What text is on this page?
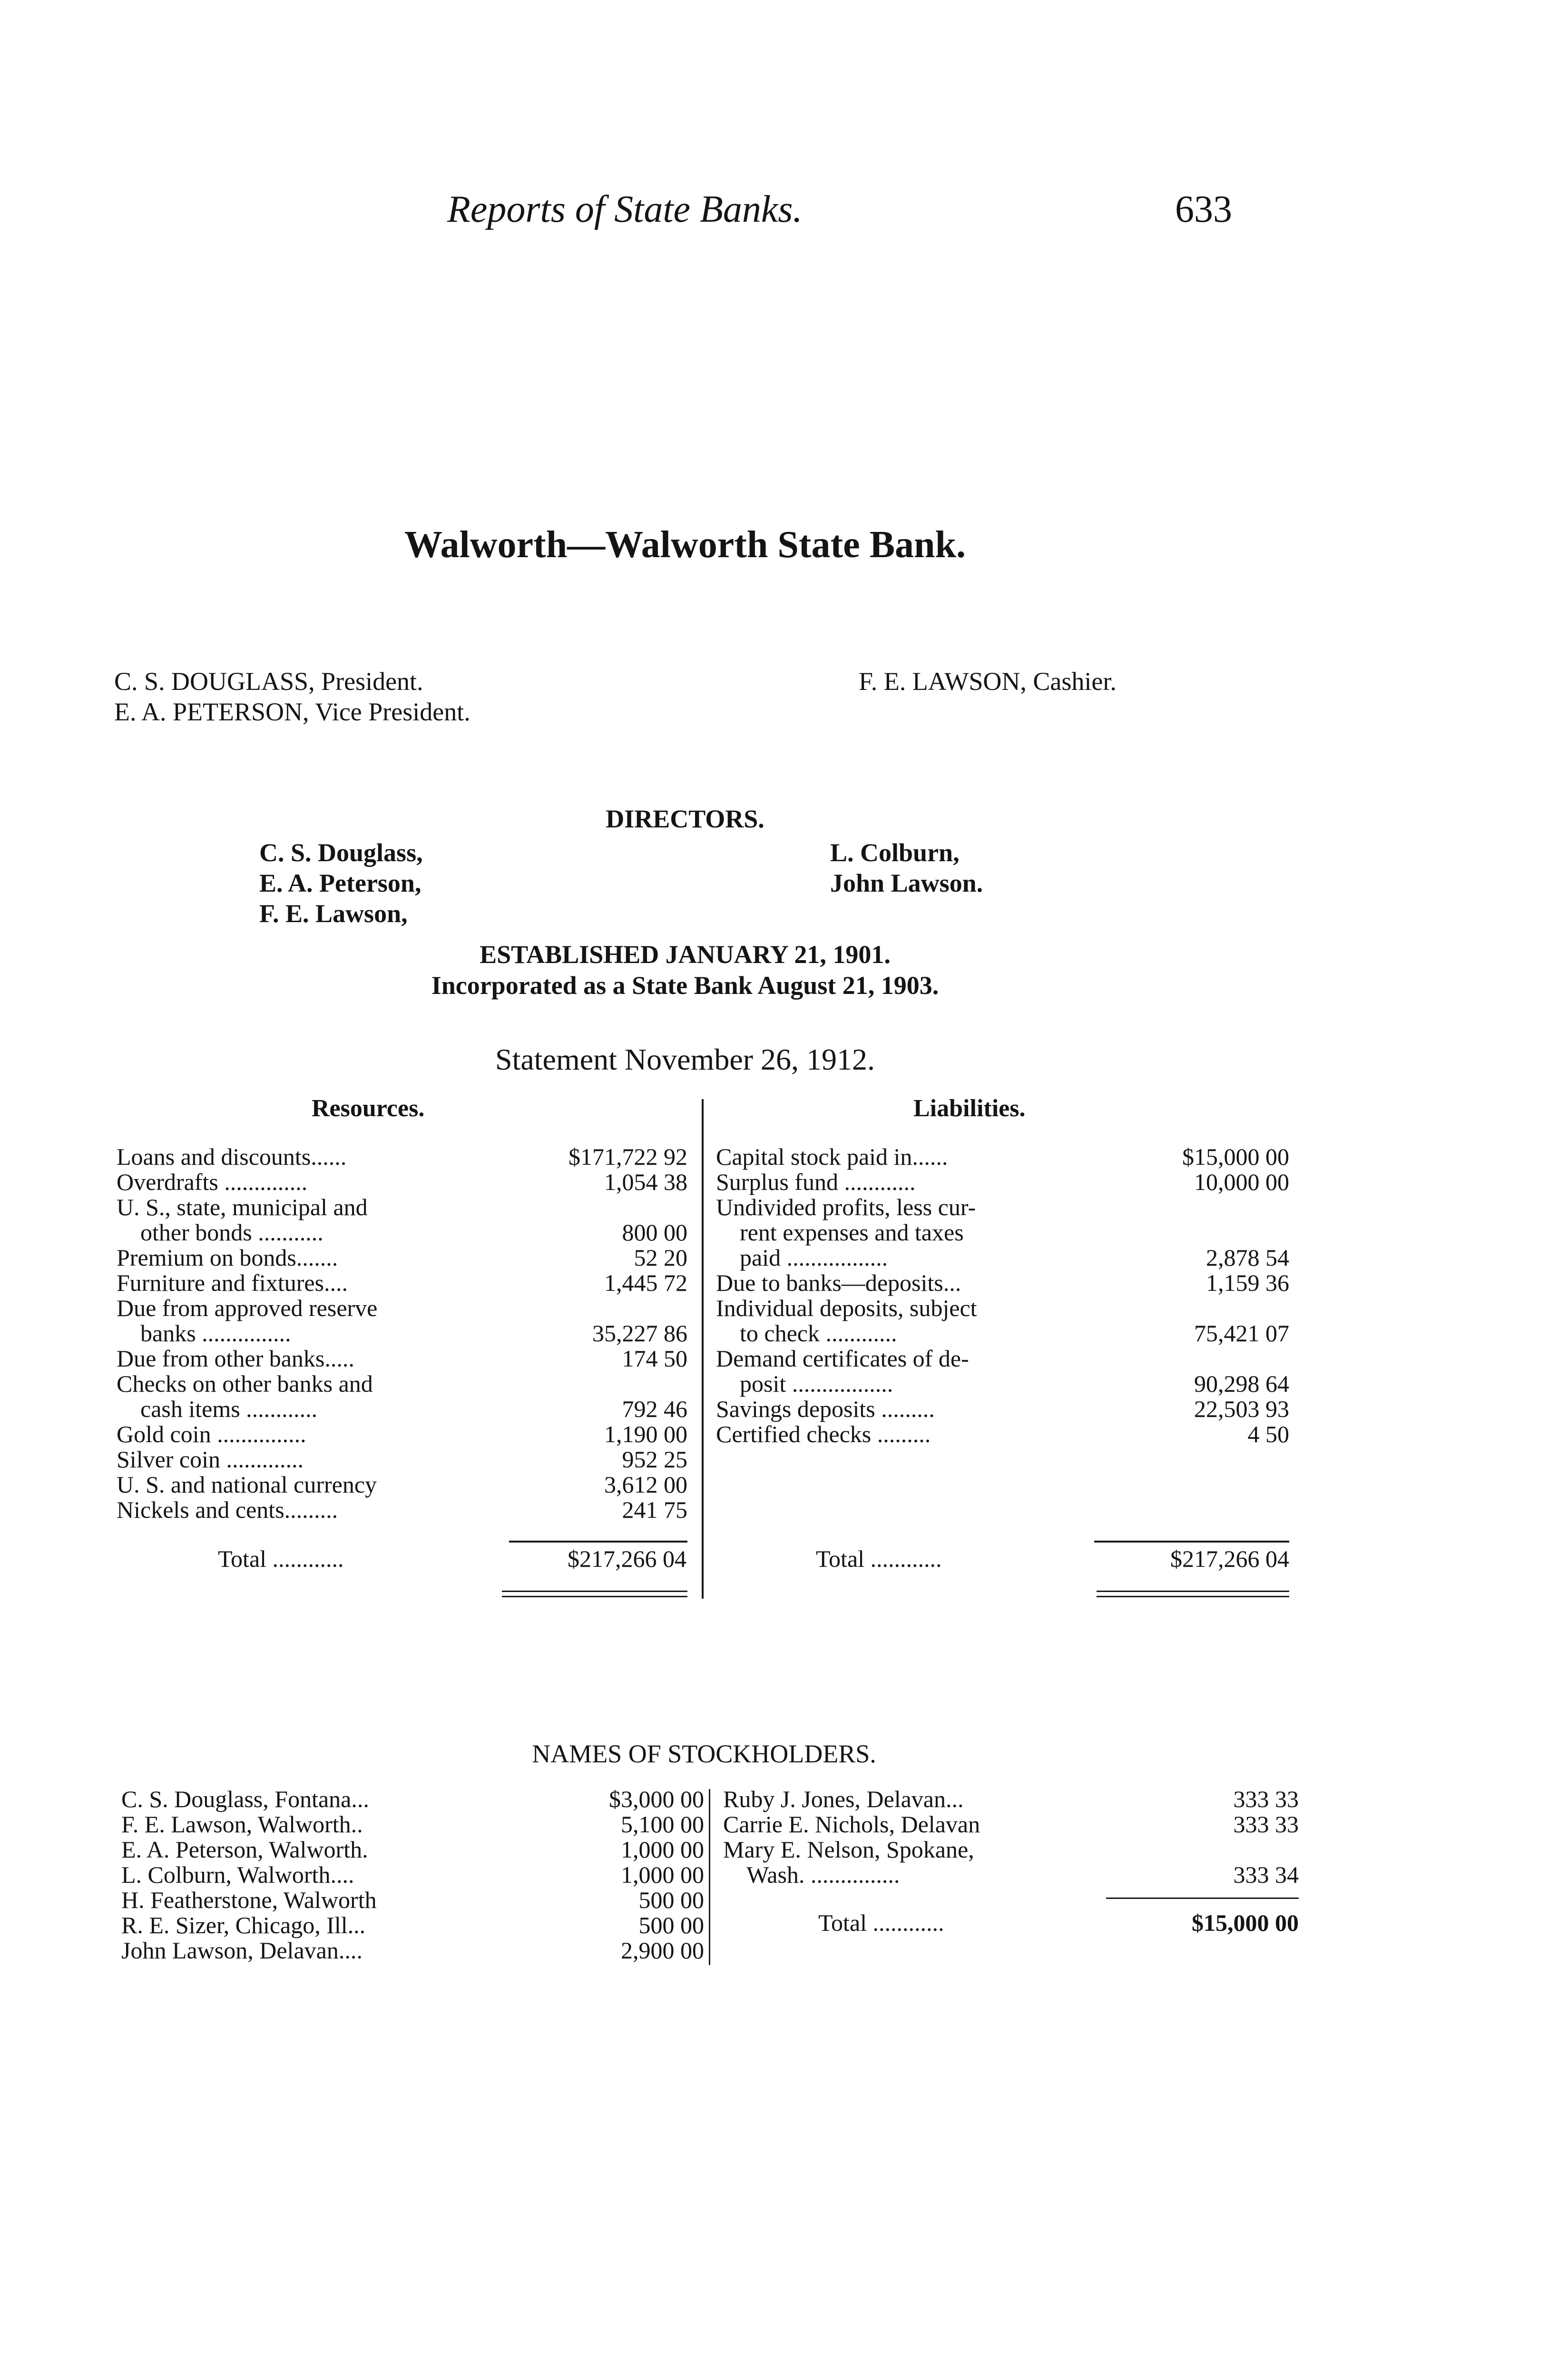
Reports of State Banks.	633
Walworth—Walworth State Bank.
C. S. DOUGLASS, President.
E. A. PETERSON, Vice President.
F. E. LAWSON, Cashier.
DIRECTORS.
C. S. Douglass,
E. A. Peterson,
F. E. Lawson,
L. Colburn,
John Lawson.
ESTABLISHED JANUARY 21, 1901.
Incorporated as a State Bank August 21, 1903.
Statement November 26, 1912.
Resources.	Liabilities.
Loans and discounts......	$171,722 92
Overdrafts ..............	1,054 38
U. S., state, municipal and
other bonds ...........	800 00
Premium on bonds.......	52 20
Furniture and fixtures....	1,445 72
Due from approved reserve
banks ...............	35,227 86
Due from other banks.....	174 50
Checks on other banks and
cash items ............	792 46
Gold coin ...............	1,190 00
Silver coin .............	952 25
U. S. and national currency	3,612 00
Nickels and cents.........	241 75
Capital stock paid in......	$15,000 00
Surplus fund ............	10,000 00
Undivided profits, less cur-
rent expenses and taxes
paid .................	2,878 54
Due to banks—deposits...	1,159 36
Individual deposits, subject
to check ............	75,421 07
Demand certificates of de-
posit .................	90,298 64
Savings deposits .........	22,503 93
Certified checks .........	4 50
Total ............	$217,266 04	Total ............	$217,266 04
NAMES OF STOCKHOLDERS.
C. S. Douglass, Fontana...	$3,000 00
F. E. Lawson, Walworth..	5,100 00
E. A. Peterson, Walworth.	1,000 00
L. Colburn, Walworth....	1,000 00
H. Featherstone, Walworth	500 00
R. E. Sizer, Chicago, Ill...	500 00
John Lawson, Delavan....	2,900 00
Ruby J. Jones, Delavan...	333 33
Carrie E. Nichols, Delavan	333 33
Mary E. Nelson, Spokane,
Wash. ...............	333 34
Total ............	$15,000 00
